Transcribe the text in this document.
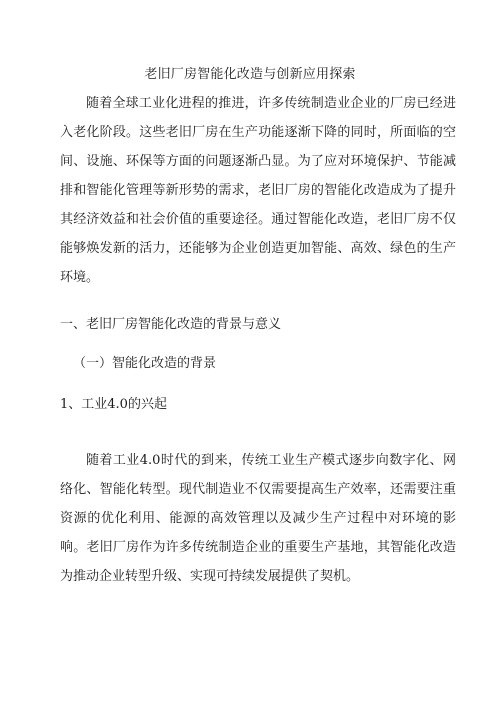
老旧厂房智能化改造与创新应用探索

随着全球工业化进程的推进，许多传统制造业企业的厂房已经进入老化阶段。这些老旧厂房在生产功能逐渐下降的同时，所面临的空间、设施、环保等方面的问题逐渐凸显。为了应对环境保护、节能减排和智能化管理等新形势的需求，老旧厂房的智能化改造成为了提升其经济效益和社会价值的重要途径。通过智能化改造，老旧厂房不仅能够焕发新的活力，还能够为企业创造更加智能、高效、绿色的生产环境。

一、老旧厂房智能化改造的背景与意义
（一）智能化改造的背景
1、工业4.0的兴起

随着工业4.0时代的到来，传统工业生产模式逐步向数字化、网络化、智能化转型。现代制造业不仅需要提高生产效率，还需要注重资源的优化利用、能源的高效管理以及减少生产过程中对环境的影响。老旧厂房作为许多传统制造企业的重要生产基地，其智能化改造为推动企业转型升级、实现可持续发展提供了契机。
